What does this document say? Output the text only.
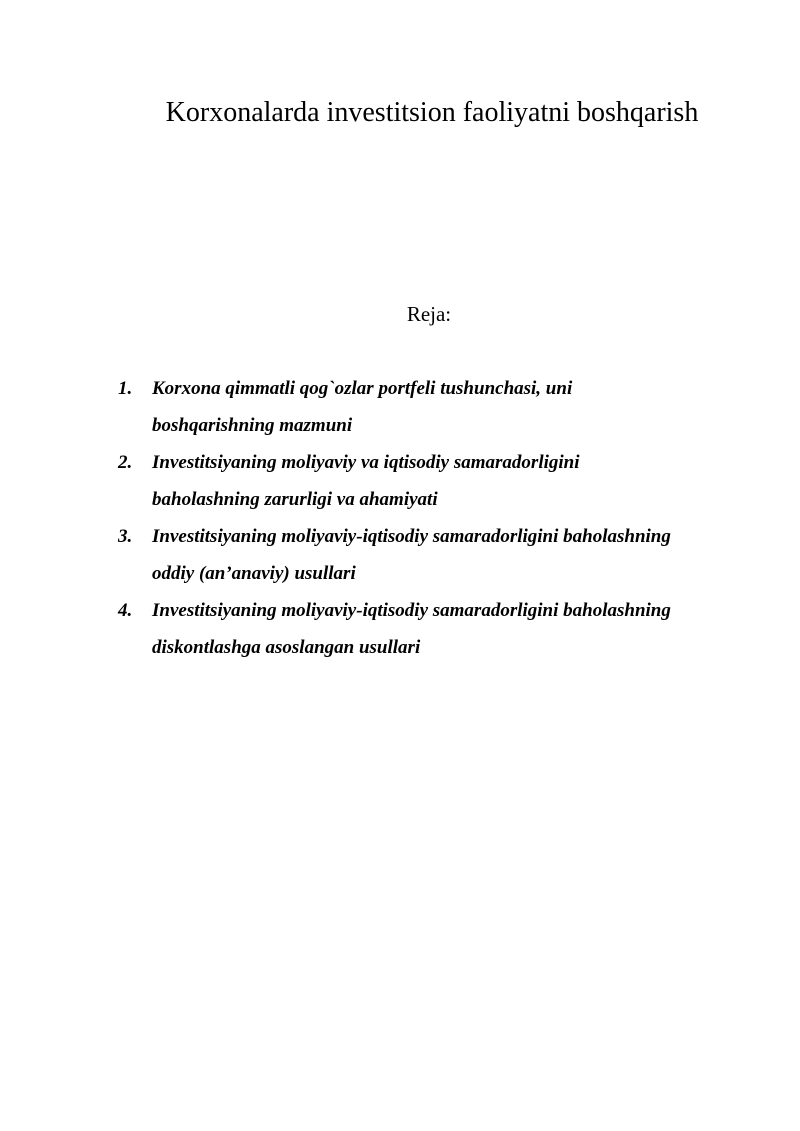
Korxonalarda investitsion faoliyatni boshqarish
Reja:
1. Korxona qimmatli qog`ozlar portfeli tushunchasi, uni
boshqarishning mazmuni
2. Investitsiyaning moliyaviy va iqtisodiy samaradorligini
baholashning zarurligi va ahamiyati
3. Investitsiyaning moliyaviy-iqtisodiy samaradorligini baholashning
oddiy (an’anaviy) usullari
4. Investitsiyaning moliyaviy-iqtisodiy samaradorligini baholashning
diskontlashga asoslangan usullari
